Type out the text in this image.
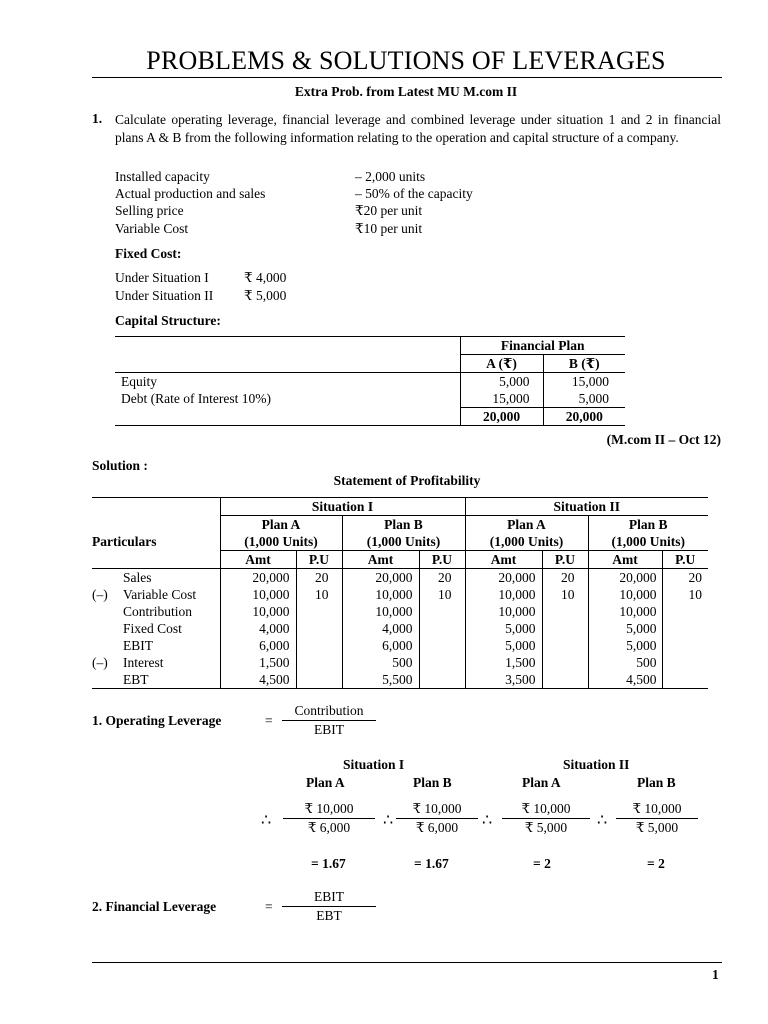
PROBLEMS & SOLUTIONS OF LEVERAGES
Extra Prob. from Latest MU M.com II
1. Calculate operating leverage, financial leverage and combined leverage under situation 1 and 2 in financial plans A & B from the following information relating to the operation and capital structure of a company.
Installed capacity	– 2,000 units
Actual production and sales	– 50% of the capacity
Selling price	₹20 per unit
Variable Cost	₹10 per unit
Fixed Cost:
Under Situation I	₹ 4,000
Under Situation II ₹ 5,000
Capital Structure:
	Financial Plan	
	A (₹)	B (₹)
Equity	5,000	15,000
Debt (Rate of Interest 10%)	15,000	5,000
	20,000	20,000
(M.com II – Oct 12)
Solution :
Statement of Profitability
	Situation I				Situation II			
	Plan A		Plan B		Plan A		Plan B	
Particulars	(1,000 Units)		(1,000 Units)		(1,000 Units)		(1,000 Units)	
	Amt	P.U	Amt	P.U	Amt	P.U	Amt	P.U
Sales	20,000	20	20,000	20	20,000	20	20,000	20
(–) Variable Cost	10,000	10	10,000	10	10,000	10	10,000	10
Contribution	10,000		10,000		10,000		10,000	
Fixed Cost	4,000		4,000		5,000		5,000	
EBIT	6,000		6,000		5,000		5,000	
(–) Interest	1,500		500		1,500		500	
EBT	4,500		5,500		3,500		4,500	
1. Operating Leverage	=
Contribution
EBIT
Situation I	Situation II
Plan A	Plan B	Plan A	Plan B
∴ $\frac{₹ 10,000}{₹ 6,000}$ ∴ $\frac{₹ 10,000}{₹ 6,000}$ ∴ $\frac{₹ 10,000}{₹ 5,000}$ ∴ $\frac{₹ 10,000}{₹ 5,000}$
= 1.67	= 1.67	= 2	= 2
2. Financial Leverage	=
EBIT
EBT
1
